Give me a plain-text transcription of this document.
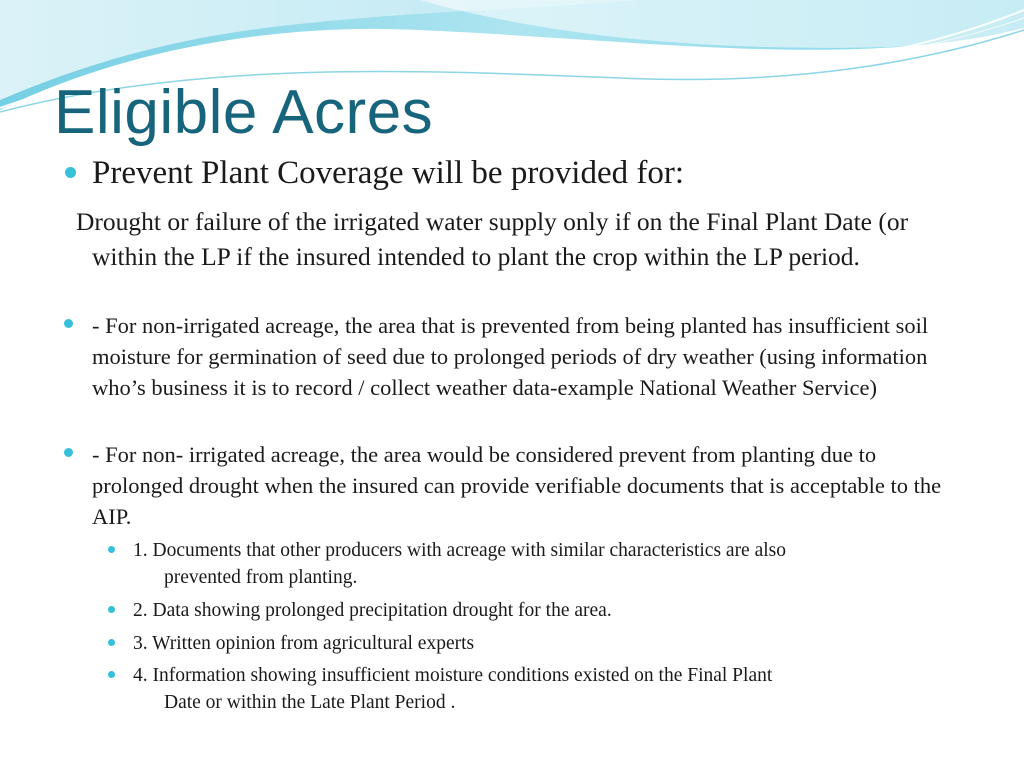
Eligible Acres
Prevent Plant Coverage will be provided for:
Drought or failure of the irrigated water supply only if on the Final Plant Date (or within the LP if the insured intended to plant the crop within the LP period.
- For non-irrigated acreage, the area that is prevented from being planted has insufficient soil moisture for germination of seed due to prolonged periods of dry weather (using information who’s business it is to record / collect weather data-example National Weather Service)
- For non- irrigated acreage, the area would be considered prevent from planting due to prolonged drought when the insured can provide verifiable documents that is acceptable to the AIP.
1. Documents that other producers with acreage with similar characteristics are also
prevented from planting.
2. Data showing prolonged precipitation drought for the area.
3. Written opinion from agricultural experts
4. Information showing insufficient moisture conditions existed on the Final Plant
Date or within the Late Plant Period .
